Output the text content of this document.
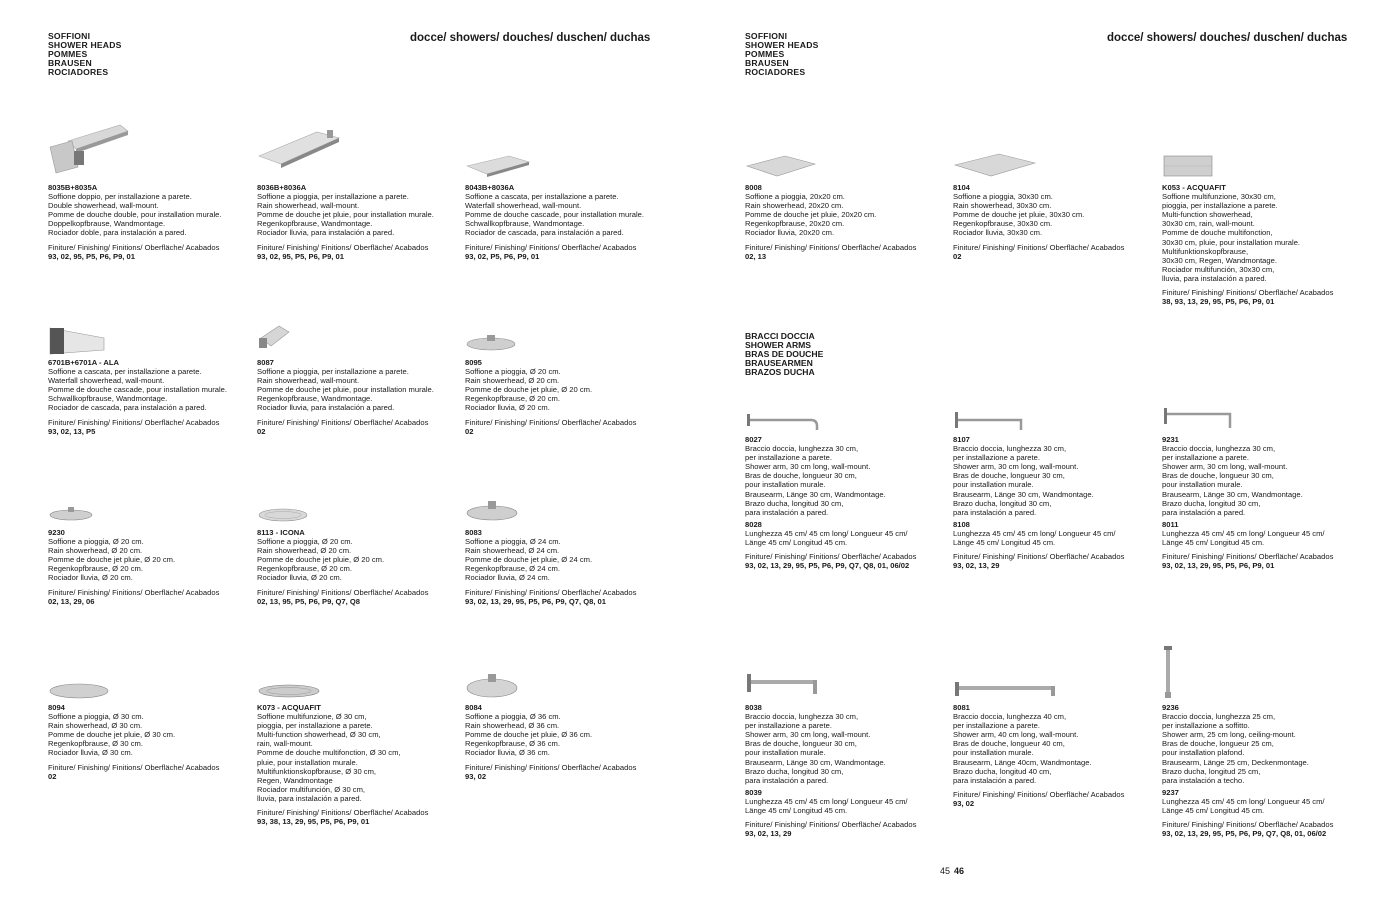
SOFFIONI
SHOWER HEADS
POMMES
BRAUSEN
ROCIADORES
docce/ showers/ douches/ duschen/ duchas	SOFFIONI
SHOWER HEADS
POMMES
BRAUSEN
ROCIADORES
docce/ showers/ douches/ duschen/ duchas
BRACCI DOCCIA
SHOWER ARMS
BRAS DE DOUCHE
BRAUSEARMEN
BRAZOS DUCHA
8035B+8035A
Soffione doppio, per installazione a parete.
Double showerhead, wall-mount.
Pomme de douche double, pour installation murale.
Doppelkopfbrause, Wandmontage.
Rociador doble, para instalación a pared.
Finiture/ Finishing/ Finitions/ Oberfläche/ Acabados
93, 02, 95, P5, P6, P9, 01
8036B+8036A
Soffione a pioggia, per installazione a parete.
Rain showerhead, wall-mount.
Pomme de douche jet pluie, pour installation murale.
Regenkopfbrause, Wandmontage.
Rociador lluvia, para instalación a pared.
Finiture/ Finishing/ Finitions/ Oberfläche/ Acabados
93, 02, 95, P5, P6, P9, 01
8043B+8036A
Soffione a cascata, per installazione a parete.
Waterfall showerhead, wall-mount.
Pomme de douche cascade, pour installation murale.
Schwallkopfbrause, Wandmontage.
Rociador de cascada, para instalación a pared.
Finiture/ Finishing/ Finitions/ Oberfläche/ Acabados
93, 02, P5, P6, P9, 01
6701B+6701A - ALA
Soffione a cascata, per installazione a parete.
Waterfall showerhead, wall-mount.
Pomme de douche cascade, pour installation murale.
Schwallkopfbrause, Wandmontage.
Rociador de cascada, para instalación a pared.
Finiture/ Finishing/ Finitions/ Oberfläche/ Acabados
93, 02, 13, P5
8087
Soffione a pioggia, per installazione a parete.
Rain showerhead, wall-mount.
Pomme de douche jet pluie, pour installation murale.
Regenkopfbrause, Wandmontage.
Rociador lluvia, para instalación a pared.
Finiture/ Finishing/ Finitions/ Oberfläche/ Acabados
02
8095
Soffione a pioggia, Ø 20 cm.
Rain showerhead, Ø 20 cm.
Pomme de douche jet pluie, Ø 20 cm.
Regenkopfbrause, Ø 20 cm.
Rociador lluvia, Ø 20 cm.
Finiture/ Finishing/ Finitions/ Oberfläche/ Acabados
02
9230
Soffione a pioggia, Ø 20 cm.
Rain showerhead, Ø 20 cm.
Pomme de douche jet pluie, Ø 20 cm.
Regenkopfbrause, Ø 20 cm.
Rociador lluvia, Ø 20 cm.
Finiture/ Finishing/ Finitions/ Oberfläche/ Acabados
02, 13, 29, 06
8113 - ICONA
Soffione a pioggia, Ø 20 cm.
Rain showerhead, Ø 20 cm.
Pomme de douche jet pluie, Ø 20 cm.
Regenkopfbrause, Ø 20 cm.
Rociador lluvia, Ø 20 cm.
Finiture/ Finishing/ Finitions/ Oberfläche/ Acabados
02, 13, 95, P5, P6, P9, Q7, Q8
8083
Soffione a pioggia, Ø 24 cm.
Rain showerhead, Ø 24 cm.
Pomme de douche jet pluie, Ø 24 cm.
Regenkopfbrause, Ø 24 cm.
Rociador lluvia, Ø 24 cm.
Finiture/ Finishing/ Finitions/ Oberfläche/ Acabados
93, 02, 13, 29, 95, P5, P6, P9, Q7, Q8, 01
8094
Soffione a pioggia, Ø 30 cm.
Rain showerhead, Ø 30 cm.
Pomme de douche jet pluie, Ø 30 cm.
Regenkopfbrause, Ø 30 cm.
Rociador lluvia, Ø 30 cm.
Finiture/ Finishing/ Finitions/ Oberfläche/ Acabados
02
K073 - ACQUAFIT
Soffione multifunzione, Ø 30 cm,
pioggia, per installazione a parete.
Multi-function showerhead, Ø 30 cm,
rain, wall-mount.
Pomme de douche multifonction, Ø 30 cm,
pluie, pour installation murale.
Multifunktionskopfbrause, Ø 30 cm,
Regen, Wandmontage
Rociador multifunción, Ø 30 cm,
lluvia, para instalación a pared.
Finiture/ Finishing/ Finitions/ Oberfläche/ Acabados
93, 38, 13, 29, 95, P5, P6, P9, 01
8084
Soffione a pioggia, Ø 36 cm.
Rain showerhead, Ø 36 cm.
Pomme de douche jet pluie, Ø 36 cm.
Regenkopfbrause, Ø 36 cm.
Rociador lluvia, Ø 36 cm.
Finiture/ Finishing/ Finitions/ Oberfläche/ Acabados
93, 02
8008
Soffione a pioggia, 20x20 cm.
Rain showerhead, 20x20 cm.
Pomme de douche jet pluie, 20x20 cm.
Regenkopfbrause, 20x20 cm.
Rociador lluvia, 20x20 cm.
Finiture/ Finishing/ Finitions/ Oberfläche/ Acabados
02, 13
8104
Soffione a pioggia, 30x30 cm.
Rain showerhead, 30x30 cm.
Pomme de douche jet pluie, 30x30 cm.
Regenkopfbrause, 30x30 cm.
Rociador lluvia, 30x30 cm.
Finiture/ Finishing/ Finitions/ Oberfläche/ Acabados
02
K053 - ACQUAFIT
Soffione multifunzione, 30x30 cm,
pioggia, per installazione a parete.
Multi-function showerhead,
30x30 cm, rain, wall-mount.
Pomme de douche multifonction,
30x30 cm, pluie, pour installation murale.
Multifunktionskopfbrause,
30x30 cm, Regen, Wandmontage.
Rociador multifunción, 30x30 cm,
lluvia, para instalación a pared.
Finiture/ Finishing/ Finitions/ Oberfläche/ Acabados
38, 93, 13, 29, 95, P5, P6, P9, 01
8027
Braccio doccia, lunghezza 30 cm,
per installazione a parete.
Shower arm, 30 cm long, wall-mount.
Bras de douche, longueur 30 cm,
pour installation murale.
Brausearm, Länge 30 cm, Wandmontage.
Brazo ducha, longitud 30 cm,
para instalación a pared.
8028
Lunghezza 45 cm/ 45 cm long/ Longueur 45 cm/
Länge 45 cm/ Longitud 45 cm.
Finiture/ Finishing/ Finitions/ Oberfläche/ Acabados
93, 02, 13, 29, 95, P5, P6, P9, Q7, Q8, 01, 06/02
8107
Braccio doccia, lunghezza 30 cm,
per installazione a parete.
Shower arm, 30 cm long, wall-mount.
Bras de douche, longueur 30 cm,
pour installation murale.
Brausearm, Länge 30 cm, Wandmontage.
Brazo ducha, longitud 30 cm,
para instalación a pared.
8108
Lunghezza 45 cm/ 45 cm long/ Longueur 45 cm/
Länge 45 cm/ Longitud 45 cm.
Finiture/ Finishing/ Finitions/ Oberfläche/ Acabados
93, 02, 13, 29
9231
Braccio doccia, lunghezza 30 cm,
per installazione a parete.
Shower arm, 30 cm long, wall-mount.
Bras de douche, longueur 30 cm,
pour installation murale.
Brausearm, Länge 30 cm, Wandmontage.
Brazo ducha, longitud 30 cm,
para instalación a pared.
8011
Lunghezza 45 cm/ 45 cm long/ Longueur 45 cm/
Länge 45 cm/ Longitud 45 cm.
Finiture/ Finishing/ Finitions/ Oberfläche/ Acabados
93, 02, 13, 29, 95, P5, P6, P9, 01
8038
Braccio doccia, lunghezza 30 cm,
per installazione a parete.
Shower arm, 30 cm long, wall-mount.
Bras de douche, longueur 30 cm,
pour installation murale.
Brausearm, Länge 30 cm, Wandmontage.
Brazo ducha, longitud 30 cm,
para instalación a pared.
8039
Lunghezza 45 cm/ 45 cm long/ Longueur 45 cm/
Länge 45 cm/ Longitud 45 cm.
Finiture/ Finishing/ Finitions/ Oberfläche/ Acabados
93, 02, 13, 29
8081
Braccio doccia, lunghezza 40 cm,
per installazione a parete.
Shower arm, 40 cm long, wall-mount.
Bras de douche, longueur 40 cm,
pour installation murale.
Brausearm, Länge 40cm, Wandmontage.
Brazo ducha, longitud 40 cm,
para instalación a pared.
Finiture/ Finishing/ Finitions/ Oberfläche/ Acabados
93, 02
9236
Braccio doccia, lunghezza 25 cm,
per installazione a soffitto.
Shower arm, 25 cm long, ceiling-mount.
Bras de douche, longueur 25 cm,
pour installation plafond.
Brausearm, Länge 25 cm, Deckenmontage.
Brazo ducha, longitud 25 cm,
para instalación a techo.
9237
Lunghezza 45 cm/ 45 cm long/ Longueur 45 cm/
Länge 45 cm/ Longitud 45 cm.
Finiture/ Finishing/ Finitions/ Oberfläche/ Acabados
93, 02, 13, 29, 95, P5, P6, P9, Q7, Q8, 01, 06/02
45 46
